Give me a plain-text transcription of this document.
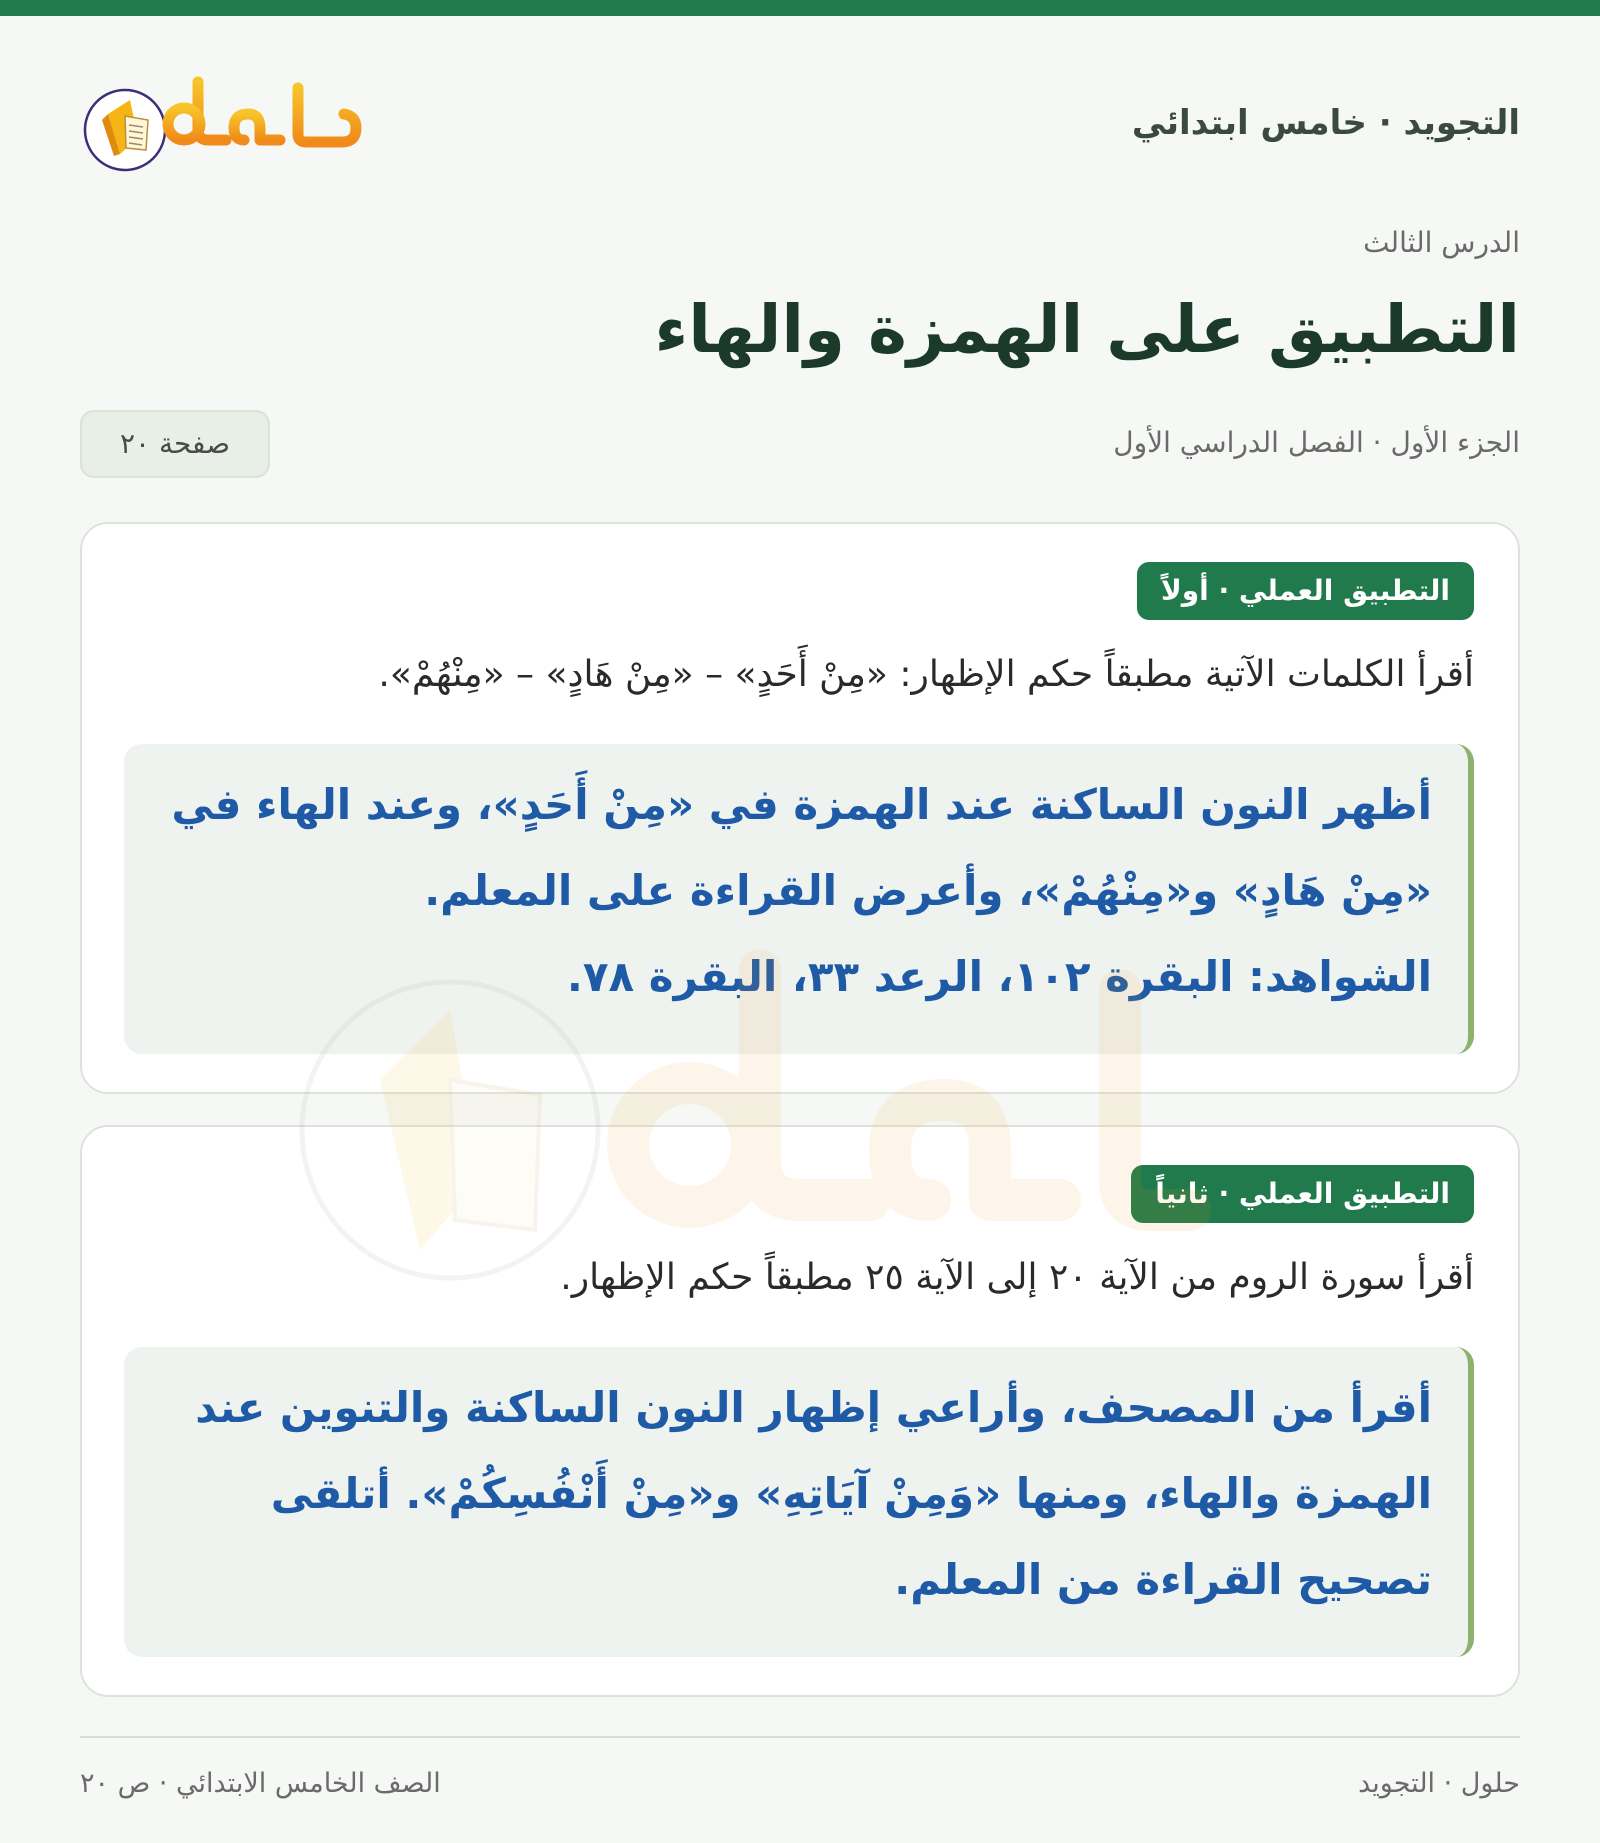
التجويد · خامس ابتدائي
الدرس الثالث
التطبيق على الهمزة والهاء
الجزء الأول · الفصل الدراسي الأول
صفحة ٢٠
التطبيق العملي · أولاً
أقرأ الكلمات الآتية مطبقاً حكم الإظهار: «مِنْ أَحَدٍ» – «مِنْ هَادٍ» – «مِنْهُمْ».

أظهر النون الساكنة عند الهمزة في «مِنْ أَحَدٍ»، وعند الهاء في «مِنْ هَادٍ» و«مِنْهُمْ»، وأعرض القراءة على المعلم.

الشواهد: البقرة ١٠٢، الرعد ٣٣، البقرة ٧٨.

التطبيق العملي · ثانياً
أقرأ سورة الروم من الآية ٢٠ إلى الآية ٢٥ مطبقاً حكم الإظهار.

أقرأ من المصحف، وأراعي إظهار النون الساكنة والتنوين عند الهمزة والهاء، ومنها «وَمِنْ آيَاتِهِ» و«مِنْ أَنْفُسِكُمْ». أتلقى تصحيح القراءة من المعلم.

حلول · التجويد
الصف الخامس الابتدائي · ص ٢٠
